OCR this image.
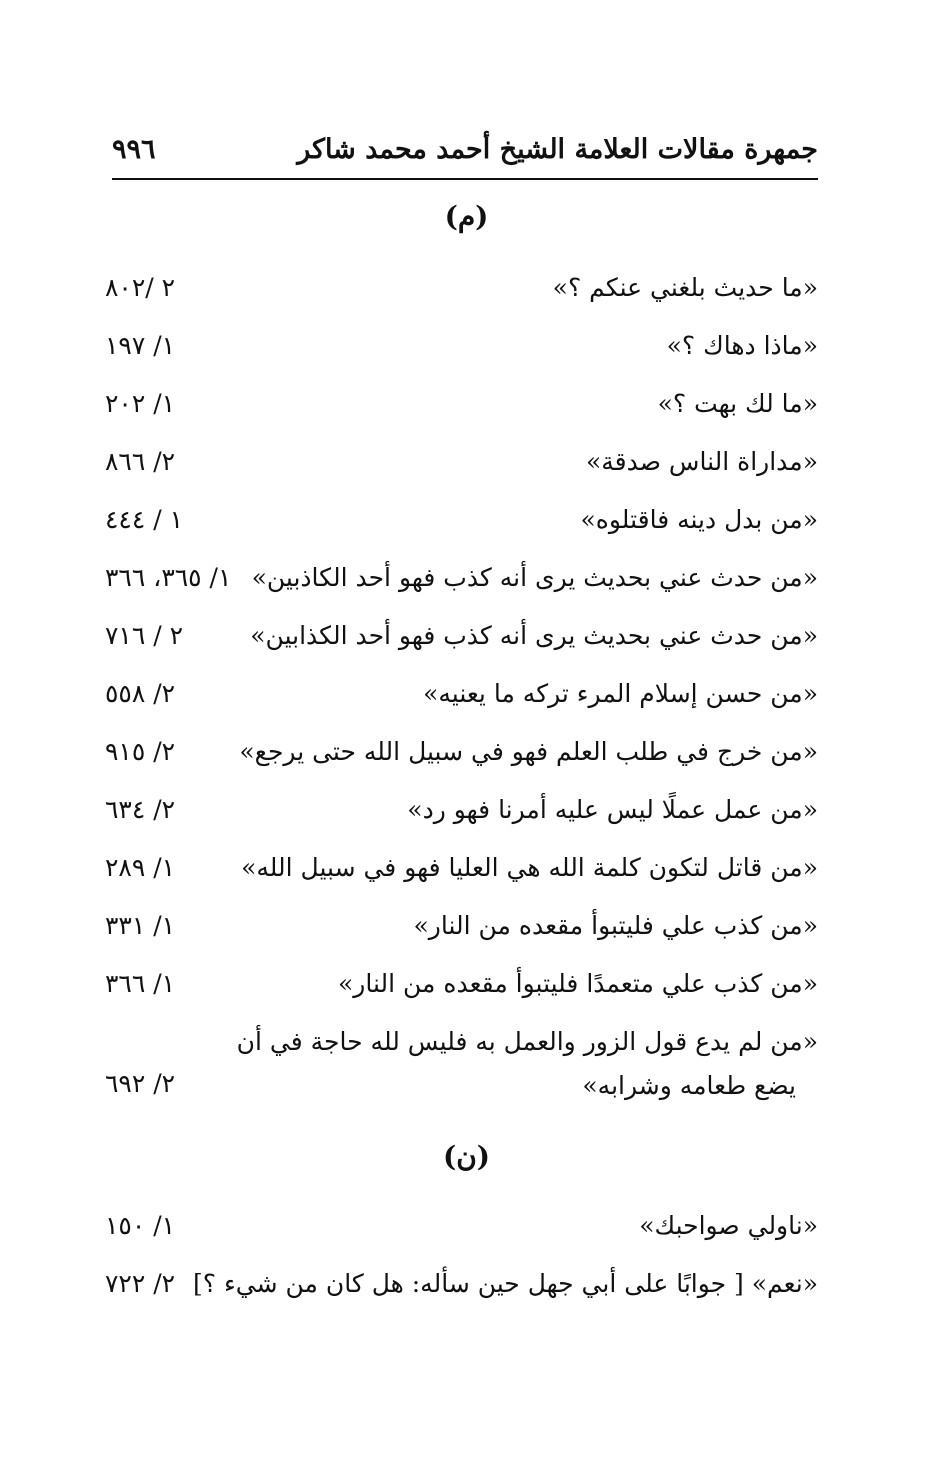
جمهرة مقالات العلامة الشيخ أحمد محمد شاكر
٩٩٦
(م)
«ما حديث بلغني عنكم ؟»
٢ /٨٠٢
«ماذا دهاك ؟»
١/ ١٩٧
«ما لك بهت ؟»
١/ ٢٠٢
«مداراة الناس صدقة»
٢/ ٨٦٦
«من بدل دينه فاقتلوه»
١ / ٤٤٤
«من حدث عني بحديث يرى أنه كذب فهو أحد الكاذبين»
١/ ٣٦٥، ٣٦٦
«من حدث عني بحديث يرى أنه كذب فهو أحد الكذابين»
٢ / ٧١٦
«من حسن إسلام المرء تركه ما يعنيه»
٢/ ٥٥٨
«من خرج في طلب العلم فهو في سبيل الله حتى يرجع»
٢/ ٩١٥
«من عمل عملًا ليس عليه أمرنا فهو رد»
٢/ ٦٣٤
«من قاتل لتكون كلمة الله هي العليا فهو في سبيل الله»
١/ ٢٨٩
«من كذب علي فليتبوأ مقعده من النار»
١/ ٣٣١
«من كذب علي متعمدًا فليتبوأ مقعده من النار»
١/ ٣٦٦
«من لم يدع قول الزور والعمل به فليس لله حاجة في أن
يضع طعامه وشرابه»
٢/ ٦٩٢
(ن)
«ناولي صواحبك»
١/ ١٥٠
«نعم» [ جوابًا على أبي جهل حين سأله: هل كان من شيء ؟]
٢/ ٧٢٢
